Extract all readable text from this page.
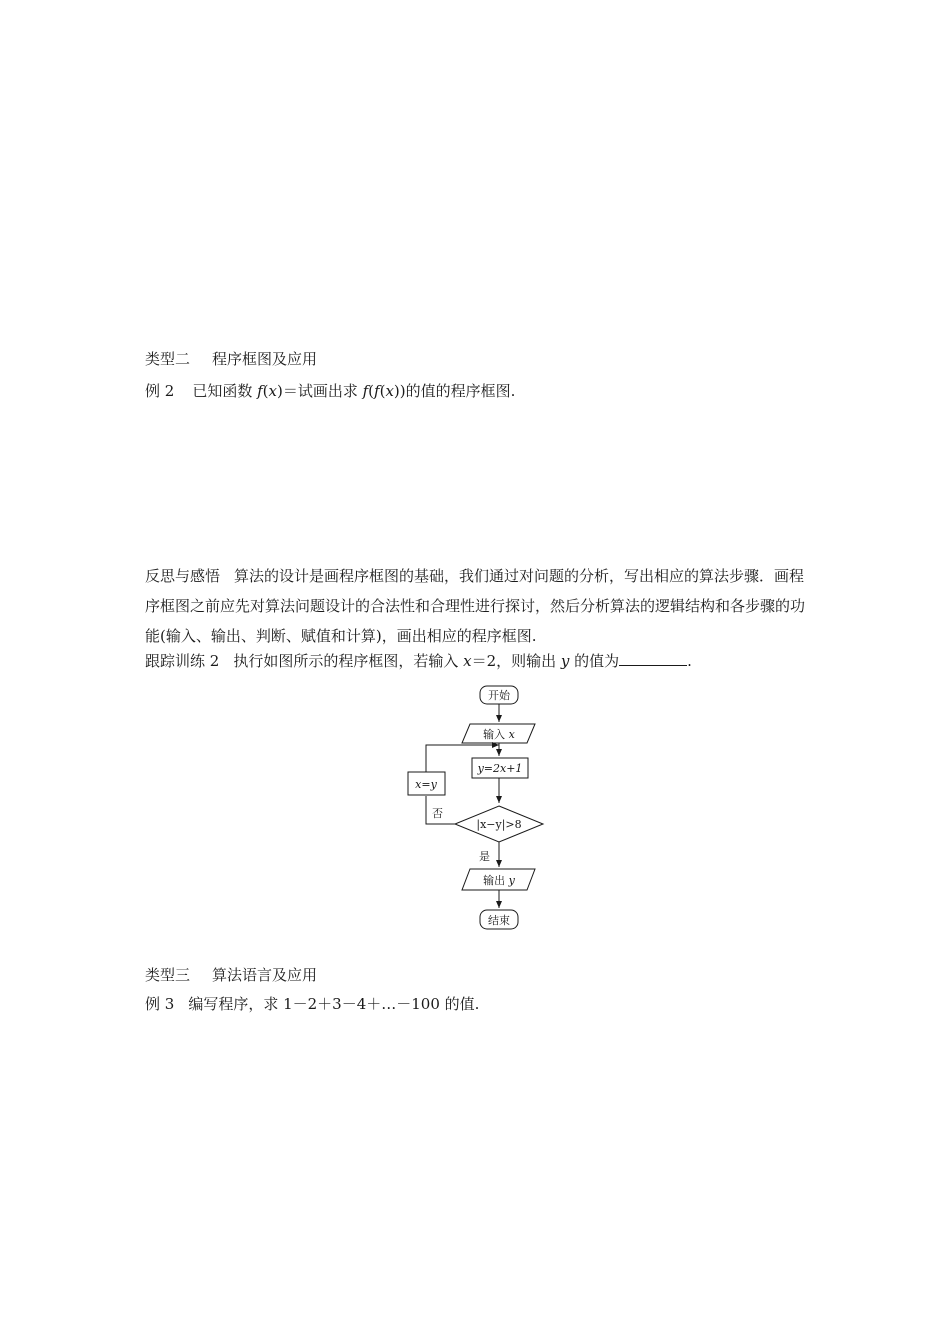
类型二 程序框图及应用
例 2 已知函数 f(x)＝试画出求 f(f(x))的值的程序框图.
反思与感悟 算法的设计是画程序框图的基础，我们通过对问题的分析，写出相应的算法步骤．画程序框图之前应先对算法问题设计的合法性和合理性进行探讨，然后分析算法的逻辑结构和各步骤的功能(输入、输出、判断、赋值和计算)，画出相应的程序框图.
跟踪训练 2 执行如图所示的程序框图，若输入 x＝2，则输出 y 的值为	.
开始
输入 x
y=2x+1
x=y
|x−y|>8
否
是
输出 y
结束
类型三 算法语言及应用
例 3 编写程序，求 1－2＋3－4＋…－100 的值.
